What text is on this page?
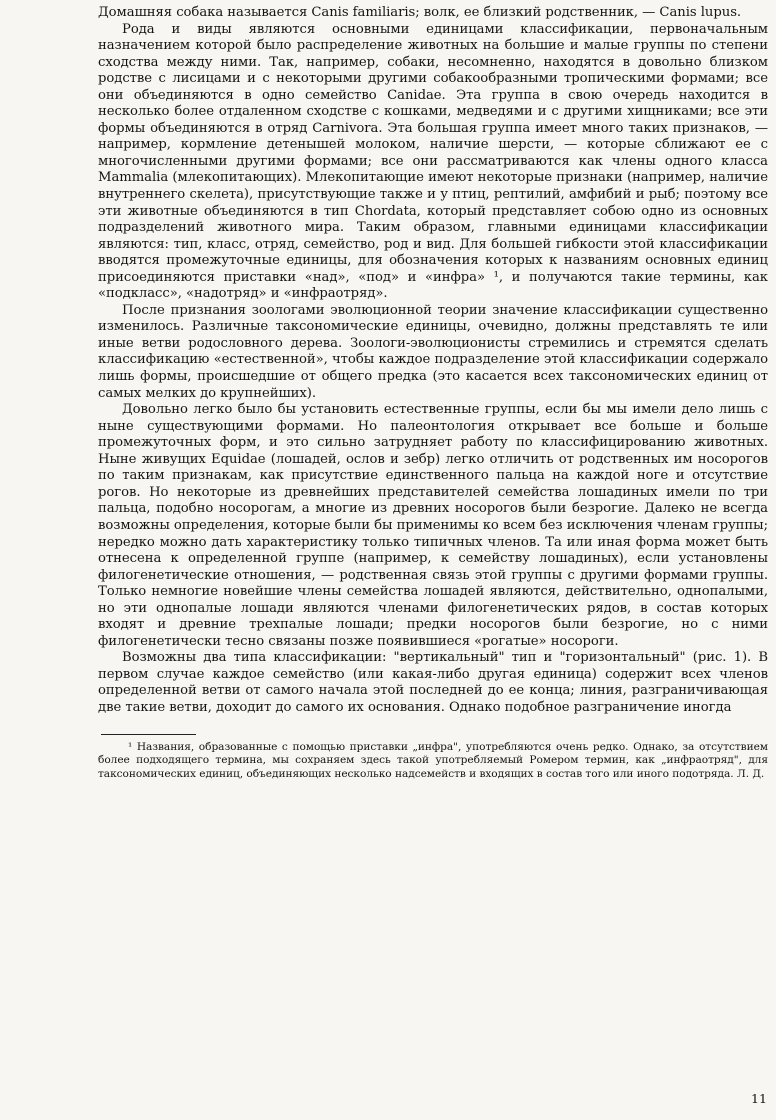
Домашняя собака называется Canis familiaris; волк, ее близкий родственник, — Canis lupus.

Рода и виды являются основными единицами классификации, первоначальным назначением которой было распределение животных на большие и малые группы по степени сходства между ними. Так, например, собаки, несомненно, находятся в довольно близком родстве с лисицами и с некоторыми другими собакообразными тропическими формами; все они объединяются в одно семейство Canidae. Эта группа в свою очередь находится в несколько более отдаленном сходстве с кошками, медведями и с другими хищниками; все эти формы объединяются в отряд Carnivora. Эта большая группа имеет много таких признаков, — например, кормление детенышей молоком, наличие шерсти, — которые сближают ее с многочисленными другими формами; все они рассматриваются как члены одного класса Mammalia (млекопитающих). Млекопитающие имеют некоторые признаки (например, наличие внутреннего скелета), присутствующие также и у птиц, рептилий, амфибий и рыб; поэтому все эти животные объединяются в тип Chordata, который представляет собою одно из основных подразделений животного мира. Таким образом, главными единицами классификации являются: тип, класс, отряд, семейство, род и вид. Для большей гибкости этой классификации вводятся промежуточные единицы, для обозначения которых к названиям основных единиц присоединяются приставки «над», «под» и «инфра» ¹, и получаются такие термины, как «подкласс», «надотряд» и «инфраотряд».

После признания зоологами эволюционной теории значение классификации существенно изменилось. Различные таксономические единицы, очевидно, должны представлять те или иные ветви родословного дерева. Зоологи-эволюционисты стремились и стремятся сделать классификацию «естественной», чтобы каждое подразделение этой классификации содержало лишь формы, происшедшие от общего предка (это касается всех таксономических единиц от самых мелких до крупнейших).

Довольно легко было бы установить естественные группы, если бы мы имели дело лишь с ныне существующими формами. Но палеонтология открывает все больше и больше промежуточных форм, и это сильно затрудняет работу по классифицированию животных. Ныне живущих Equidae (лошадей, ослов и зебр) легко отличить от родственных им носорогов по таким признакам, как присутствие единственного пальца на каждой ноге и отсутствие рогов. Но некоторые из древнейших представителей семейства лошадиных имели по три пальца, подобно носорогам, а многие из древних носорогов были безрогие. Далеко не всегда возможны определения, которые были бы применимы ко всем без исключения членам группы; нередко можно дать характеристику только типичных членов. Та или иная форма может быть отнесена к определенной группе (например, к семейству лошадиных), если установлены филогенетические отношения, — родственная связь этой группы с другими формами группы. Только немногие новейшие члены семейства лошадей являются, действительно, однопалыми, но эти однопалые лошади являются членами филогенетических рядов, в состав которых входят и древние трехпалые лошади; предки носорогов были безрогие, но с ними филогенетически тесно связаны позже появившиеся «рогатые» носороги.

Возможны два типа классификации: "вертикальный" тип и "горизонтальный" (рис. 1). В первом случае каждое семейство (или какая-либо другая единица) содержит всех членов определенной ветви от самого начала этой последней до ее конца; линия, разграничивающая две такие ветви, доходит до самого их основания. Однако подобное разграничение иногда

¹ Названия, образованные с помощью приставки „инфра", употребляются очень редко. Однако, за отсутствием более подходящего термина, мы сохраняем здесь такой употребляемый Ромером термин, как „инфраотряд", для таксономических единиц, объединяющих несколько надсемейств и входящих в состав того или иного подотряда. Л. Д.

11
